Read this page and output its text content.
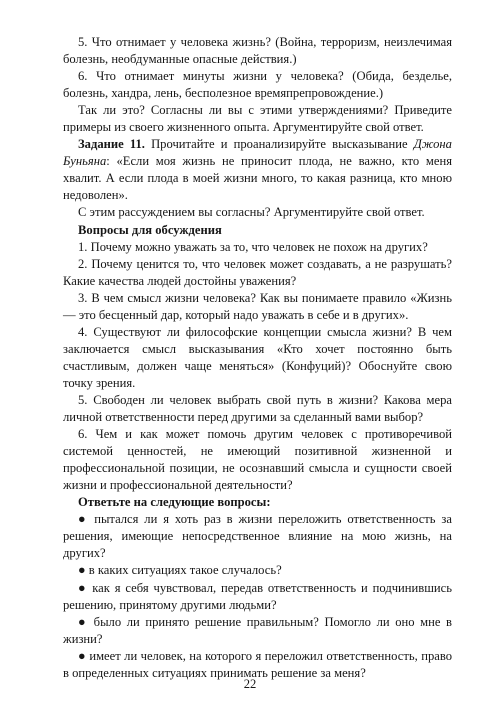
5. Что отнимает у человека жизнь? (Война, терроризм, неизлечимая болезнь, необдуманные опасные действия.)

6. Что отнимает минуты жизни у человека? (Обида, безделье, болезнь, хандра, лень, бесполезное времяпрепровождение.)

Так ли это? Согласны ли вы с этими утверждениями? Приведите примеры из своего жизненного опыта. Аргументируйте свой ответ.

Задание 11. Прочитайте и проанализируйте высказывание Джона Буньяна: «Если моя жизнь не приносит плода, не важно, кто меня хвалит. А если плода в моей жизни много, то какая разница, кто мною недоволен».

С этим рассуждением вы согласны? Аргументируйте свой ответ.

Вопросы для обсуждения

1. Почему можно уважать за то, что человек не похож на других?

2. Почему ценится то, что человек может создавать, а не разрушать? Какие качества людей достойны уважения?

3. В чем смысл жизни человека? Как вы понимаете правило «Жизнь — это бесценный дар, который надо уважать в себе и в других».

4. Существуют ли философские концепции смысла жизни? В чем заключается смысл высказывания «Кто хочет постоянно быть счастливым, должен чаще меняться» (Конфуций)? Обоснуйте свою точку зрения.

5. Свободен ли человек выбрать свой путь в жизни? Какова мера личной ответственности перед другими за сделанный вами выбор?

6. Чем и как может помочь другим человек с противоречивой системой ценностей, не имеющий позитивной жизненной и профессиональной позиции, не осознавший смысла и сущности своей жизни и профессиональной деятельности?

Ответьте на следующие вопросы:

● пытался ли я хоть раз в жизни переложить ответственность за решения, имеющие непосредственное влияние на мою жизнь, на других?

● в каких ситуациях такое случалось?

● как я себя чувствовал, передав ответственность и подчинившись решению, принятому другими людьми?

● было ли принято решение правильным? Помогло ли оно мне в жизни?

● имеет ли человек, на которого я переложил ответственность, право в определенных ситуациях принимать решение за меня?

22
